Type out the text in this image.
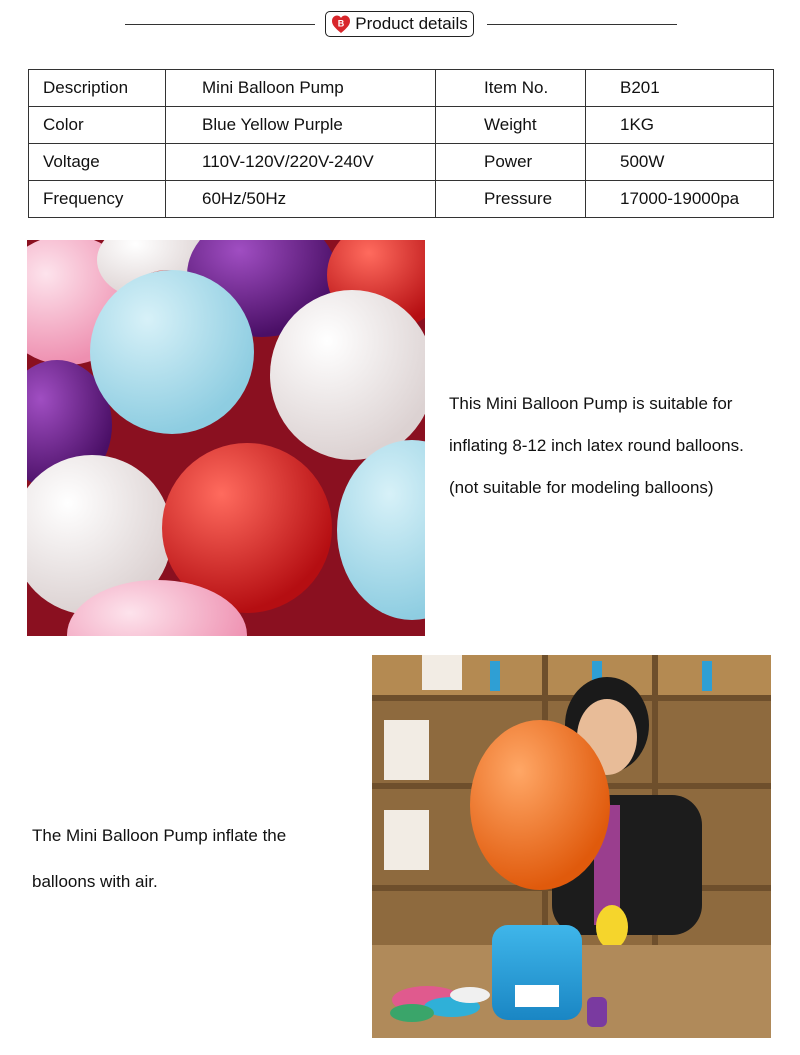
B Product details
Description	Mini Balloon Pump	Item No.	B201
Color	Blue Yellow Purple	Weight	1KG
Voltage	110V-120V/220V-240V	Power	500W
Frequency	60Hz/50Hz	Pressure	17000-19000pa

This Mini Balloon Pump is suitable for

inflating 8-12 inch latex round balloons.

(not suitable for modeling balloons)

The Mini Balloon Pump inflate the

balloons with air.
